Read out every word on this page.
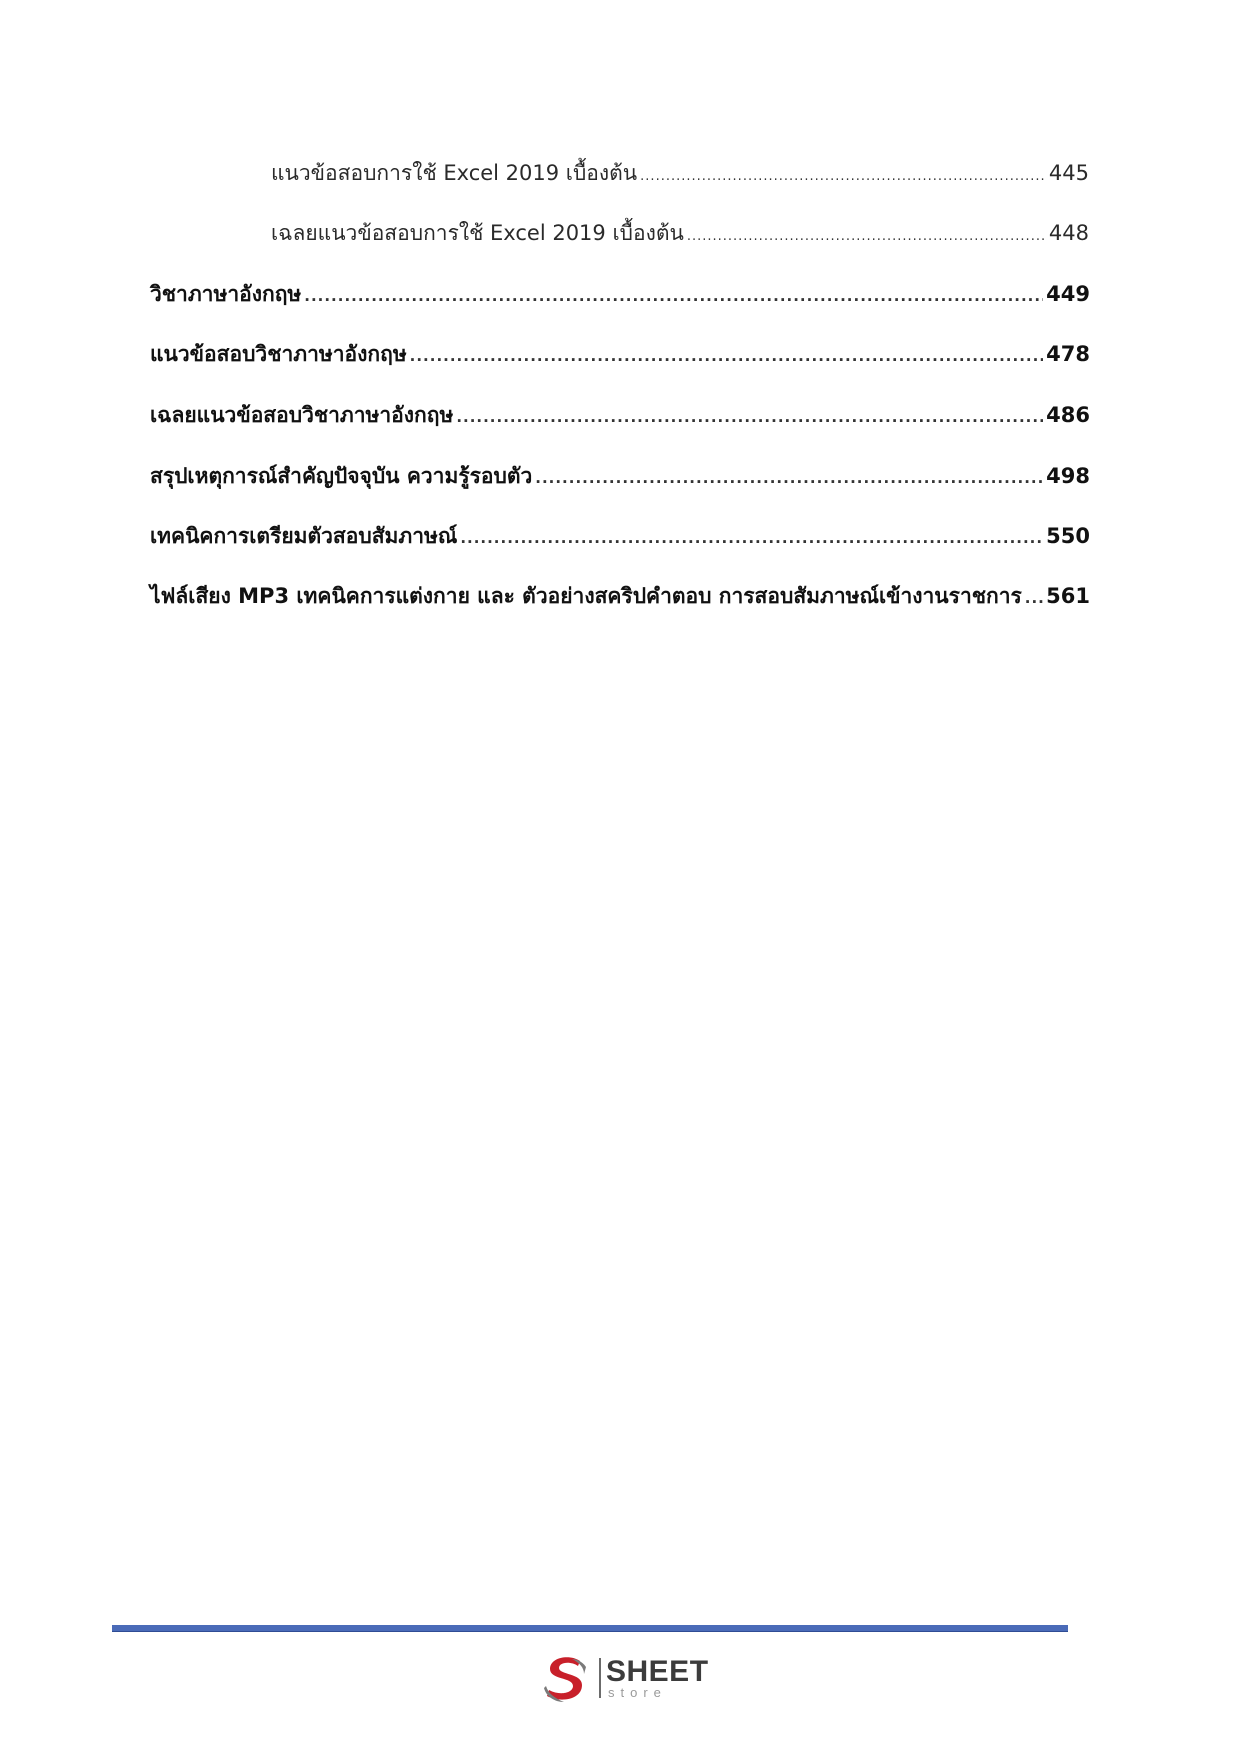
แนวข้อสอบการใช้ Excel 2019 เบื้องต้น .....	445
เฉลยแนวข้อสอบการใช้ Excel 2019 เบื้องต้น .....	448
วิชาภาษาอังกฤษ .....	449
แนวข้อสอบวิชาภาษาอังกฤษ .....	478
เฉลยแนวข้อสอบวิชาภาษาอังกฤษ .....	486
สรุปเหตุการณ์สำคัญปัจจุบัน ความรู้รอบตัว .....	498
เทคนิคการเตรียมตัวสอบสัมภาษณ์ .....	550
ไฟล์เสียง MP3 เทคนิคการแต่งกาย และ ตัวอย่างสคริปคำตอบ การสอบสัมภาษณ์เข้างานราชการ ..... 561
SHEET
store
